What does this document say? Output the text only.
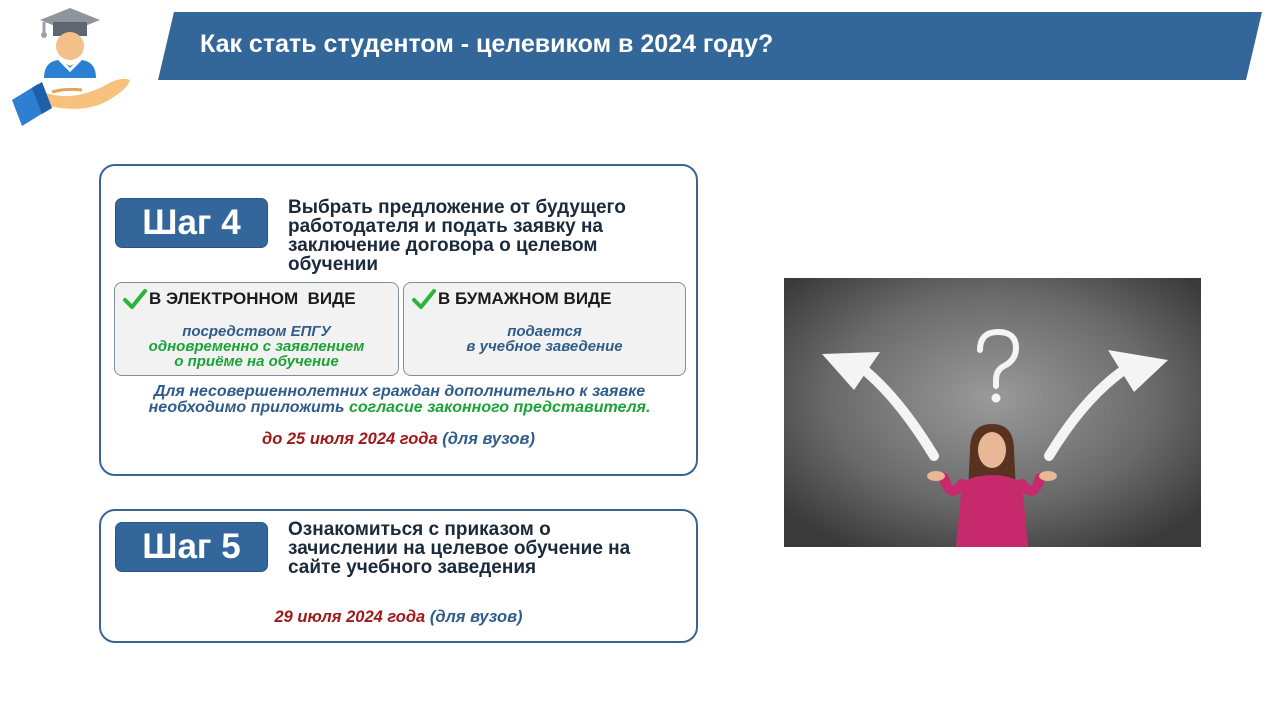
Как стать студентом - целевиком в 2024 году?
Шаг 4	Выбрать предложение от будущего
работодателя и подать заявку на
заключение договора о целевом
обучении
В ЭЛЕКТРОННОМ  ВИДЕ
посредством ЕПГУ
одновременно с заявлением
о приёме на обучение
В БУМАЖНОМ ВИДЕ
подается
в учебное заведение
Для несовершеннолетних граждан дополнительно к заявке
необходимо приложить согласие законного представителя.
до 25 июля 2024 года (для вузов)
Шаг 5	Ознакомиться с приказом о
зачислении на целевое обучение на
сайте учебного заведения
29 июля 2024 года (для вузов)
